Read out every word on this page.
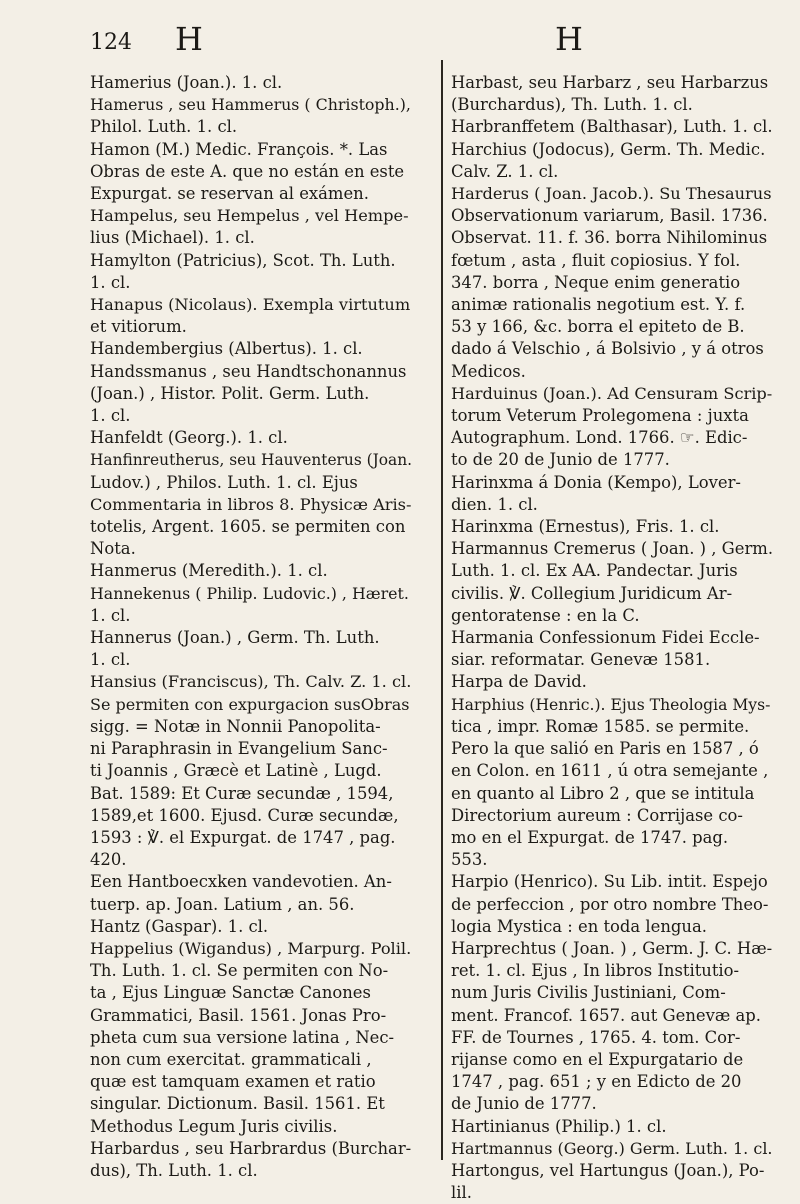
124 H	H
Hamerius (Joan.). 1. cl.
Hamerus , seu Hammerus ( Christoph.),
Philol. Luth. 1. cl.
Hamon (M.) Medic. François. *. Las
Obras de este A. que no están en este
Expurgat. se reservan al exámen.
Hampelus, seu Hempelus , vel Hempe-
lius (Michael). 1. cl.
Hamylton (Patricius), Scot. Th. Luth.
1. cl.
Hanapus (Nicolaus). Exempla virtutum
et vitiorum.
Handembergius (Albertus). 1. cl.
Handssmanus , seu Handtschonannus
(Joan.) , Histor. Polit. Germ. Luth.
1. cl.
Hanfeldt (Georg.). 1. cl.
Hanfinreutherus, seu Hauventerus (Joan.
Ludov.) , Philos. Luth. 1. cl. Ejus
Commentaria in libros 8. Physicæ Aris-
totelis, Argent. 1605. se permiten con
Nota.
Hanmerus (Meredith.). 1. cl.
Hannekenus ( Philip. Ludovic.) , Hæret.
1. cl.
Hannerus (Joan.) , Germ. Th. Luth.
1. cl.
Hansius (Franciscus), Th. Calv. Z. 1. cl.
Se permiten con expurgacion susObras
sigg. = Notæ in Nonnii Panopolita-
ni Paraphrasin in Evangelium Sanc-
ti Joannis , Græcè et Latinè , Lugd.
Bat. 1589: Et Curæ secundæ , 1594,
1589,et 1600. Ejusd. Curæ secundæ,
1593 : ℣. el Expurgat. de 1747 , pag.
420.
Een Hantboecxken vandevotien. An-
tuerp. ap. Joan. Latium , an. 56.
Hantz (Gaspar). 1. cl.
Happelius (Wigandus) , Marpurg. Polil.
Th. Luth. 1. cl. Se permiten con No-
ta , Ejus Linguæ Sanctæ Canones
Grammatici, Basil. 1561. Jonas Pro-
pheta cum sua versione latina , Nec-
non cum exercitat. grammaticali ,
quæ est tamquam examen et ratio
singular. Dictionum. Basil. 1561. Et
Methodus Legum Juris civilis.
Harbardus , seu Harbrardus (Burchar-
dus), Th. Luth. 1. cl.
Harbast, seu Harbarz , seu Harbarzus
(Burchardus), Th. Luth. 1. cl.
Harbranffetem (Balthasar), Luth. 1. cl.
Harchius (Jodocus), Germ. Th. Medic.
Calv. Z. 1. cl.
Harderus ( Joan. Jacob.). Su Thesaurus
Observationum variarum, Basil. 1736.
Observat. 11. f. 36. borra Nihilominus
fœtum , asta , fluit copiosius. Y fol.
347. borra , Neque enim generatio
animæ rationalis negotium est. Y. f.
53 y 166, &c. borra el epiteto de B.
dado á Velschio , á Bolsivio , y á otros
Medicos.
Harduinus (Joan.). Ad Censuram Scrip-
torum Veterum Prolegomena : juxta
Autographum. Lond. 1766. ☞. Edic-
to de 20 de Junio de 1777.
Harinxma á Donia (Kempo), Lover-
dien. 1. cl.
Harinxma (Ernestus), Fris. 1. cl.
Harmannus Cremerus ( Joan. ) , Germ.
Luth. 1. cl. Ex AA. Pandectar. Juris
civilis. ℣. Collegium Juridicum Ar-
gentoratense : en la C.
Harmania Confessionum Fidei Eccle-
siar. reformatar. Genevæ 1581.
Harpa de David.
Harphius (Henric.). Ejus Theologia Mys-
tica , impr. Romæ 1585. se permite.
Pero la que salió en Paris en 1587 , ó
en Colon. en 1611 , ú otra semejante ,
en quanto al Libro 2 , que se intitula
Directorium aureum : Corrijase co-
mo en el Expurgat. de 1747. pag.
553.
Harpio (Henrico). Su Lib. intit. Espejo
de perfeccion , por otro nombre Theo-
logia Mystica : en toda lengua.
Harprechtus ( Joan. ) , Germ. J. C. Hæ-
ret. 1. cl. Ejus , In libros Institutio-
num Juris Civilis Justiniani, Com-
ment. Francof. 1657. aut Genevæ ap.
FF. de Tournes , 1765. 4. tom. Cor-
rijanse como en el Expurgatario de
1747 , pag. 651 ; y en Edicto de 20
de Junio de 1777.
Hartinianus (Philip.) 1. cl.
Hartmannus (Georg.) Germ. Luth. 1. cl.
Hartongus, vel Hartungus (Joan.), Po-
lil.
